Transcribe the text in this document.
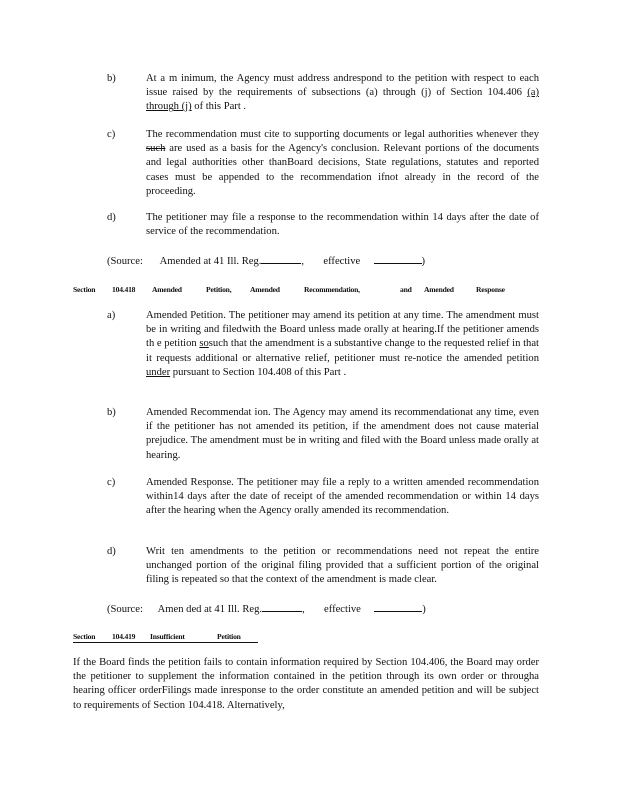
b)	At a m inimum, the Agency must address andrespond to the petition with respect to each issue raised by the requirements of subsections (a) through (j) of Section 104.406 (a) through (j) of this Part .
c)	The recommendation must cite to supporting documents or legal authorities whenever they such are used as a basis for the Agency's conclusion. Relevant portions of the documents and legal authorities other thanBoard decisions, State regulations, statutes and reported cases must be appended to the recommendation ifnot already in the record of the proceeding.
d)	The petitioner may file a response to the recommendation within 14 days after the date of service of the recommendation.
(Source: Amended at 41 Ill. Reg.	,  effective	)
Section 104.418 Amended	Petition, Amended	Recommendation,	and Amended	Response
a)	Amended Petition. The petitioner may amend its petition at any time. The amendment must be in writing and filedwith the Board unless made orally at hearing.If the petitioner amends th e petition sosuch that the amendment is a substantive change to the requested relief in that it requests additional or alternative relief, petitioner must re-notice the amended petition under pursuant to Section 104.408 of this Part .
b)	Amended Recommendat ion. The Agency may amend its recommendationat any time, even if the petitioner has not amended its petition, if the amendment does not cause material prejudice. The amendment must be in writing and filed with the Board unless made orally at hearing.
c)	Amended Response. The petitioner may file a reply to a written amended recommendation within14 days after the date of receipt of the amended recommendation or within 14 days after the hearing when the Agency orally amended its recommendation.
d)	Writ ten amendments to the petition or recommendations need not repeat the entire unchanged portion of the original filing provided that a sufficient portion of the original filing is repeated so that the context of the amendment is made clear.
(Source: Amen ded at 41 Ill. Reg.	,  effective	)
Section 104.419 Insufficient	Petition
If the Board finds the petition fails to contain information required by Section 104.406, the Board may order the petitioner to supplement the information contained in the petition through its own order or througha hearing officer orderFilings made inresponse to the order constitute an amended petition and will be subject to requirements of Section 104.418. Alternatively,
